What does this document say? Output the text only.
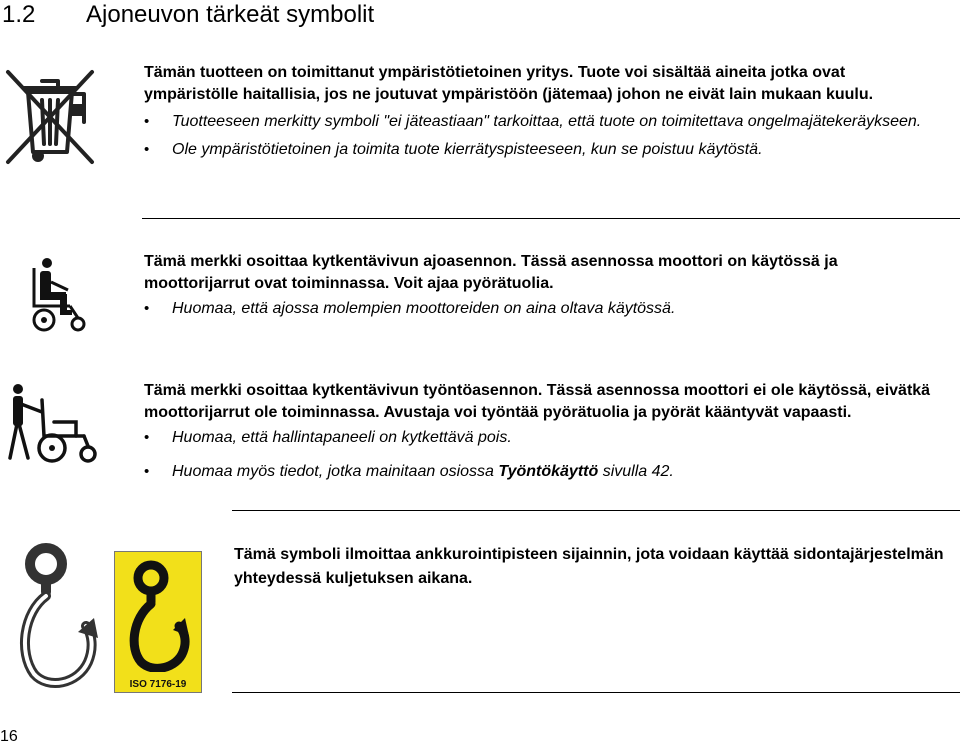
1.2 Ajoneuvon tärkeät symbolit

Tämän tuotteen on toimittanut ympäristötietoinen yritys. Tuote voi sisältää aineita jotka ovat ympäristölle haitallisia, jos ne joutuvat ympäristöön (jätemaa) johon ne eivät lain mukaan kuulu.

• Tuotteeseen merkitty symboli "ei jäteastiaan" tarkoittaa, että tuote on toimitettava ongelmajätekeräykseen.
• Ole ympäristötietoinen ja toimita tuote kierrätyspisteeseen, kun se poistuu käytöstä.

Tämä merkki osoittaa kytkentävivun ajoasennon. Tässä asennossa moottori on käytössä ja moottorijarrut ovat toiminnassa. Voit ajaa pyörätuolia.

• Huomaa, että ajossa molempien moottoreiden on aina oltava käytössä.

Tämä merkki osoittaa kytkentävivun työntöasennon. Tässä asennossa moottori ei ole käytössä, eivätkä moottorijarrut ole toiminnassa. Avustaja voi työntää pyörätuolia ja pyörät kääntyvät vapaasti.

• Huomaa, että hallintapaneeli on kytkettävä pois.
• Huomaa myös tiedot, jotka mainitaan osiossa Työntökäyttö sivulla 42.
ISO 7176-19

Tämä symboli ilmoittaa ankkurointipisteen sijainnin, jota voidaan käyttää sidontajärjestelmän yhteydessä kuljetuksen aikana.

16
